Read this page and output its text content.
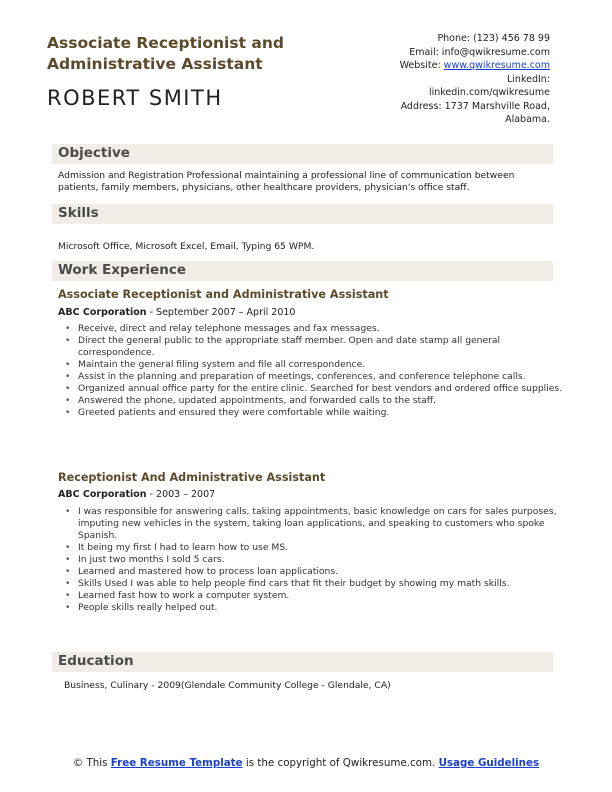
Associate Receptionist and Administrative Assistant
ROBERT SMITH
Phone: (123) 456 78 99
Email: info@qwikresume.com
Website: www.qwikresume.com
LinkedIn:
linkedin.com/qwikresume
Address: 1737 Marshville Road,
Alabama.
Objective
Admission and Registration Professional maintaining a professional line of communication between patients, family members, physicians, other healthcare providers, physician's office staff.
Skills
Microsoft Office, Microsoft Excel, Email, Typing 65 WPM.
Work Experience
Associate Receptionist and Administrative Assistant
ABC Corporation - September 2007 – April 2010
• Receive, direct and relay telephone messages and fax messages.
• Direct the general public to the appropriate staff member. Open and date stamp all general correspondence.
• Maintain the general filing system and file all correspondence.
• Assist in the planning and preparation of meetings, conferences, and conference telephone calls.
• Organized annual office party for the entire clinic. Searched for best vendors and ordered office supplies.
• Answered the phone, updated appointments, and forwarded calls to the staff.
• Greeted patients and ensured they were comfortable while waiting.
Receptionist And Administrative Assistant
ABC Corporation - 2003 – 2007
• I was responsible for answering calls, taking appointments, basic knowledge on cars for sales purposes, imputing new vehicles in the system, taking loan applications, and speaking to customers who spoke Spanish.
• It being my first I had to learn how to use MS.
• In just two months I sold 5 cars.
• Learned and mastered how to process loan applications.
• Skills Used I was able to help people find cars that fit their budget by showing my math skills.
• Learned fast how to work a computer system.
• People skills really helped out.
Education
Business, Culinary - 2009(Glendale Community College - Glendale, CA)
© This Free Resume Template is the copyright of Qwikresume.com. Usage Guidelines
